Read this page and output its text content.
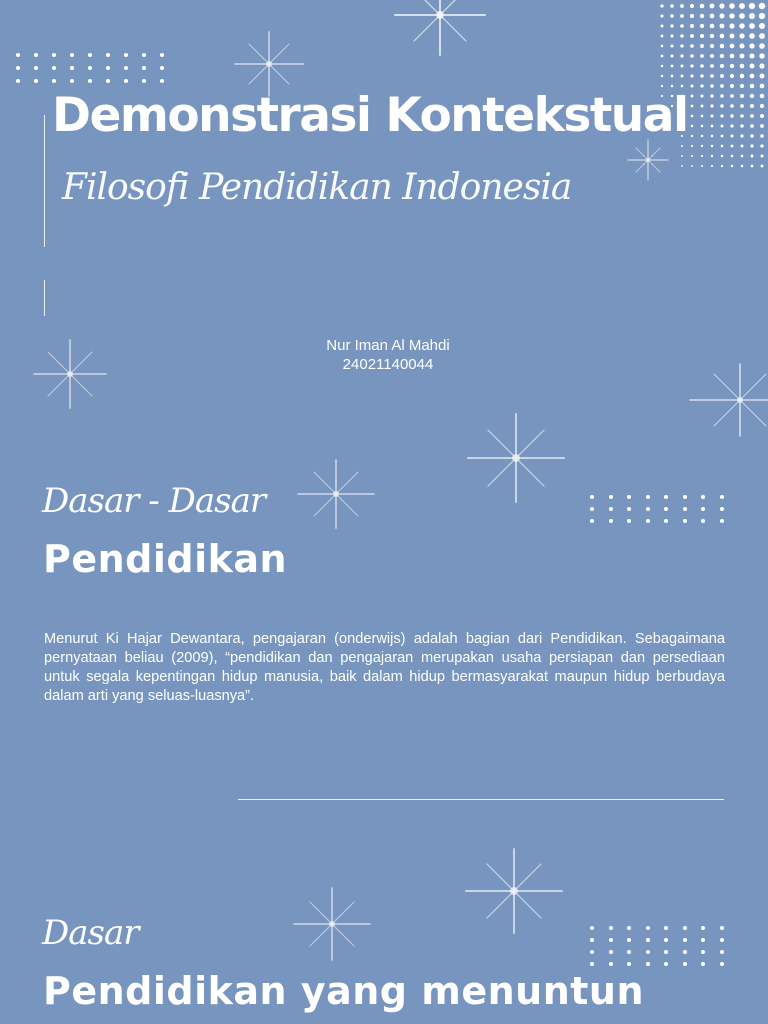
Demonstrasi Kontekstual
Filosofi Pendidikan Indonesia
Nur Iman Al Mahdi
24021140044
Dasar - Dasar
Pendidikan
Menurut Ki Hajar Dewantara, pengajaran (onderwijs) adalah bagian dari Pendidikan. Sebagaimana pernyataan beliau (2009), “pendidikan dan pengajaran merupakan usaha persiapan dan persediaan untuk segala kepentingan hidup manusia, baik dalam hidup bermasyarakat maupun hidup berbudaya dalam arti yang seluas-luasnya”.
Dasar
Pendidikan yang menuntun
